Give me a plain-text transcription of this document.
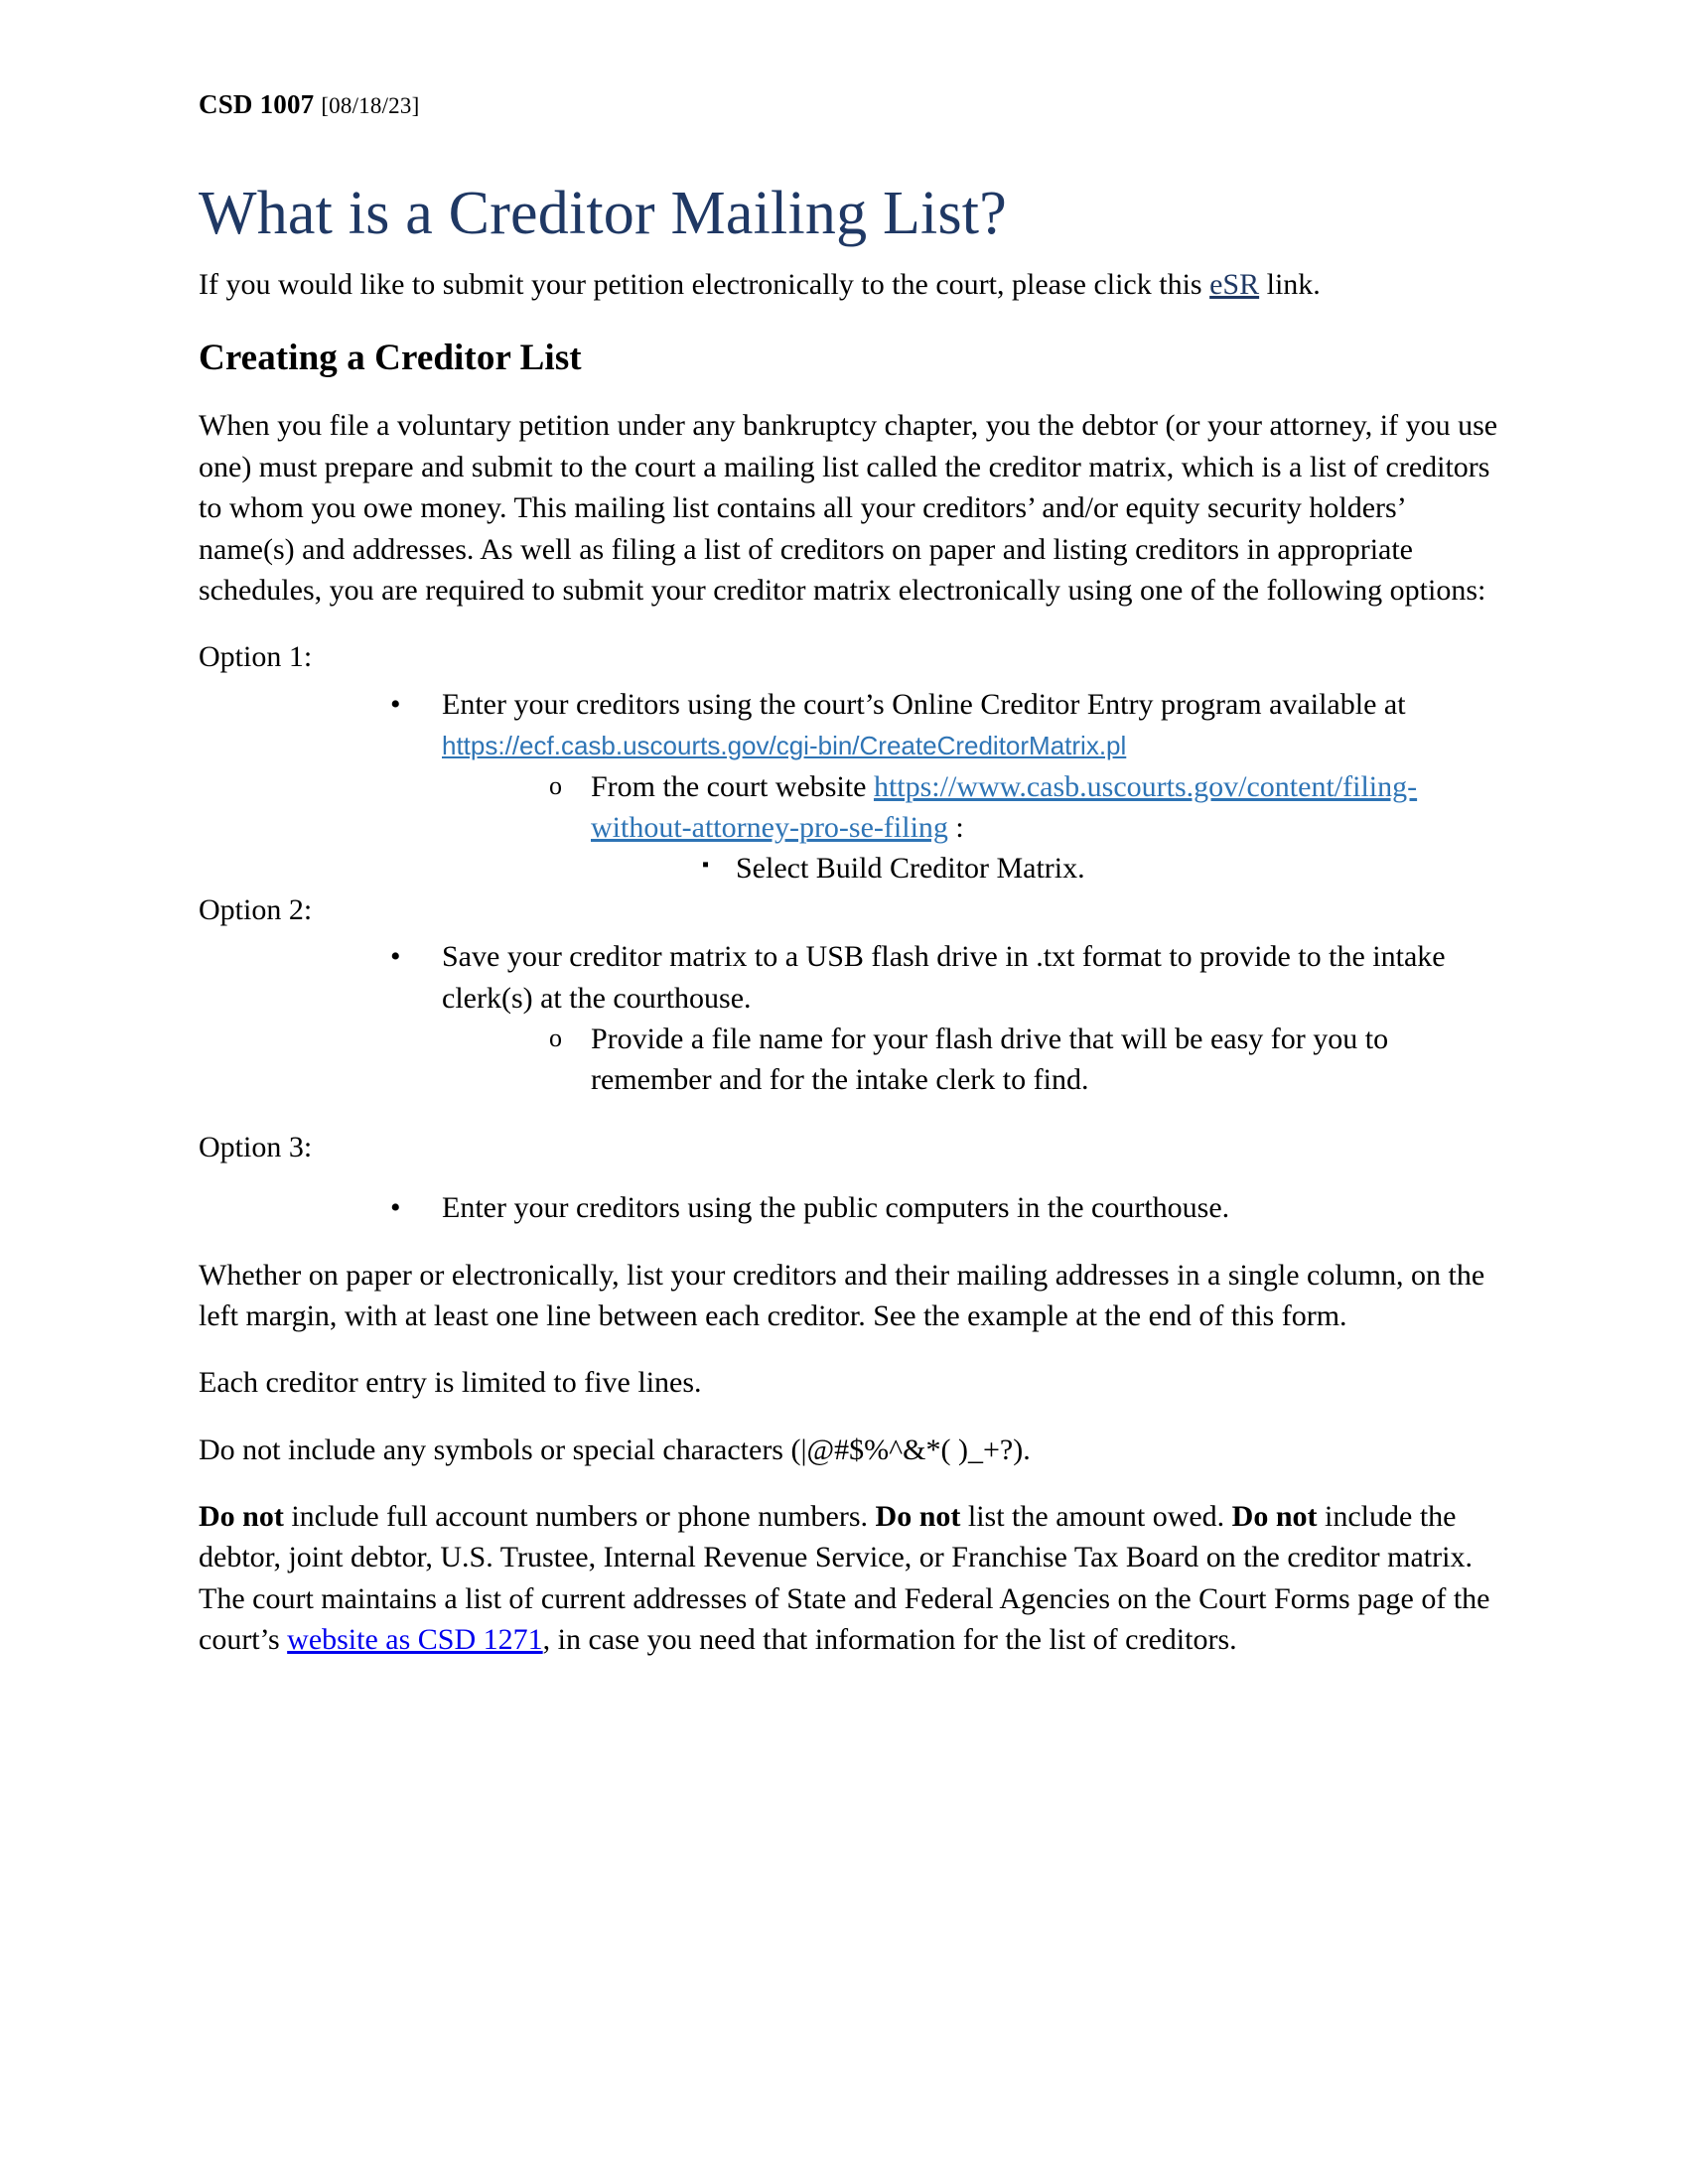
CSD 1007 [08/18/23]
What is a Creditor Mailing List?

If you would like to submit your petition electronically to the court, please click this eSR link.

Creating a Creditor List

When you file a voluntary petition under any bankruptcy chapter, you the debtor (or your attorney, if you use one) must prepare and submit to the court a mailing list called the creditor matrix, which is a list of creditors to whom you owe money. This mailing list contains all your creditors’ and/or equity security holders’ name(s) and addresses. As well as filing a list of creditors on paper and listing creditors in appropriate schedules, you are required to submit your creditor matrix electronically using one of the following options:

Option 1:

• Enter your creditors using the court’s Online Creditor Entry program available at https://ecf.casb.uscourts.gov/cgi-bin/CreateCreditorMatrix.pl
o From the court website https://www.casb.uscourts.gov/content/filing-without-attorney-pro-se-filing :
▪ Select Build Creditor Matrix.

Option 2:

• Save your creditor matrix to a USB flash drive in .txt format to provide to the intake clerk(s) at the courthouse.
o Provide a file name for your flash drive that will be easy for you to remember and for the intake clerk to find.

Option 3:

• Enter your creditors using the public computers in the courthouse.

Whether on paper or electronically, list your creditors and their mailing addresses in a single column, on the left margin, with at least one line between each creditor. See the example at the end of this form.

Each creditor entry is limited to five lines.

Do not include any symbols or special characters (|@#$%^&*( )_+?).

Do not include full account numbers or phone numbers. Do not list the amount owed. Do not include the debtor, joint debtor, U.S. Trustee, Internal Revenue Service, or Franchise Tax Board on the creditor matrix. The court maintains a list of current addresses of State and Federal Agencies on the Court Forms page of the court’s website as CSD 1271, in case you need that information for the list of creditors.
